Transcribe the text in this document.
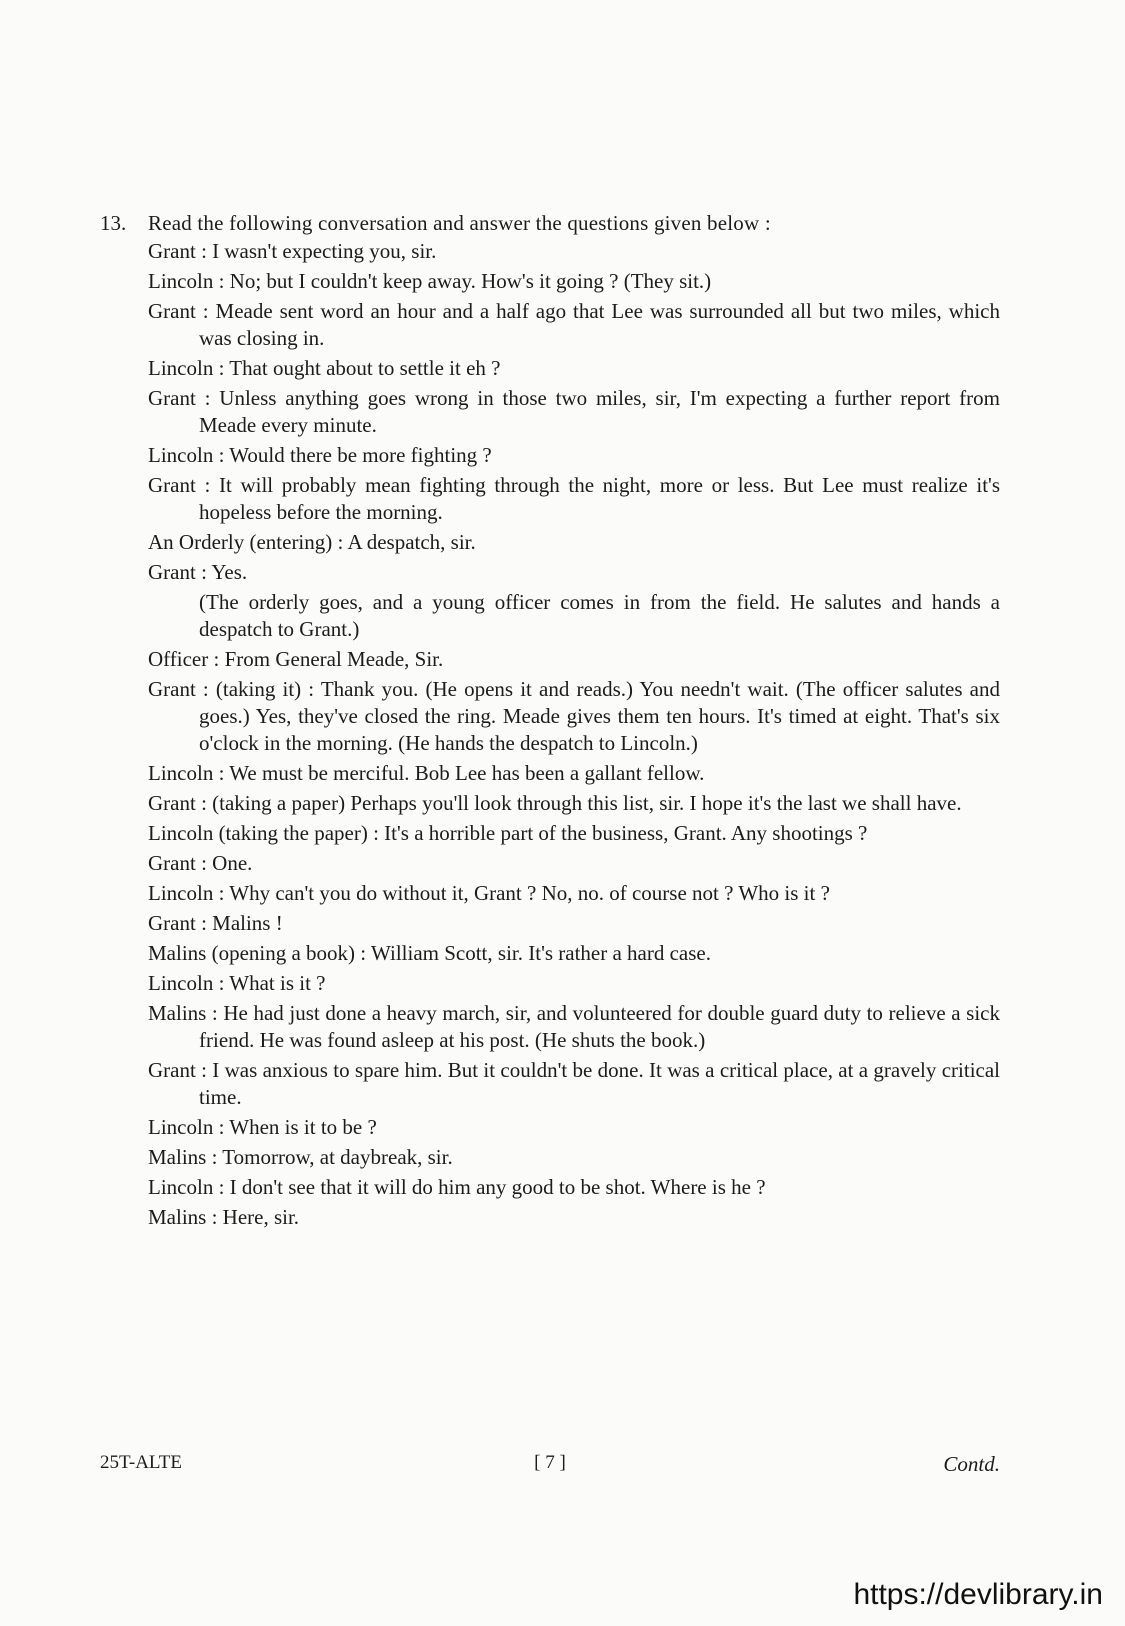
13. Read the following conversation and answer the questions given below :
Grant : I wasn't expecting you, sir.
Lincoln : No; but I couldn't keep away. How's it going ? (They sit.)
Grant : Meade sent word an hour and a half ago that Lee was surrounded all but two miles, which was closing in.
Lincoln : That ought about to settle it eh ?
Grant : Unless anything goes wrong in those two miles, sir, I'm expecting a further report from Meade every minute.
Lincoln : Would there be more fighting ?
Grant : It will probably mean fighting through the night, more or less. But Lee must realize it's hopeless before the morning.
An Orderly (entering) : A despatch, sir.
Grant : Yes.
(The orderly goes, and a young officer comes in from the field. He salutes and hands a despatch to Grant.)
Officer : From General Meade, Sir.
Grant : (taking it) : Thank you. (He opens it and reads.) You needn't wait. (The officer salutes and goes.) Yes, they've closed the ring. Meade gives them ten hours. It's timed at eight. That's six o'clock in the morning. (He hands the despatch to Lincoln.)
Lincoln : We must be merciful. Bob Lee has been a gallant fellow.
Grant : (taking a paper) Perhaps you'll look through this list, sir. I hope it's the last we shall have.
Lincoln (taking the paper) : It's a horrible part of the business, Grant. Any shootings ?
Grant : One.
Lincoln : Why can't you do without it, Grant ? No, no. of course not ? Who is it ?
Grant : Malins !
Malins (opening a book) : William Scott, sir. It's rather a hard case.
Lincoln : What is it ?
Malins : He had just done a heavy march, sir, and volunteered for double guard duty to relieve a sick friend. He was found asleep at his post. (He shuts the book.)
Grant : I was anxious to spare him. But it couldn't be done. It was a critical place, at a gravely critical time.
Lincoln : When is it to be ?
Malins : Tomorrow, at daybreak, sir.
Lincoln : I don't see that it will do him any good to be shot. Where is he ?
Malins : Here, sir.
25T-ALTE	[ 7 ]	Contd.
https://devlibrary.in
